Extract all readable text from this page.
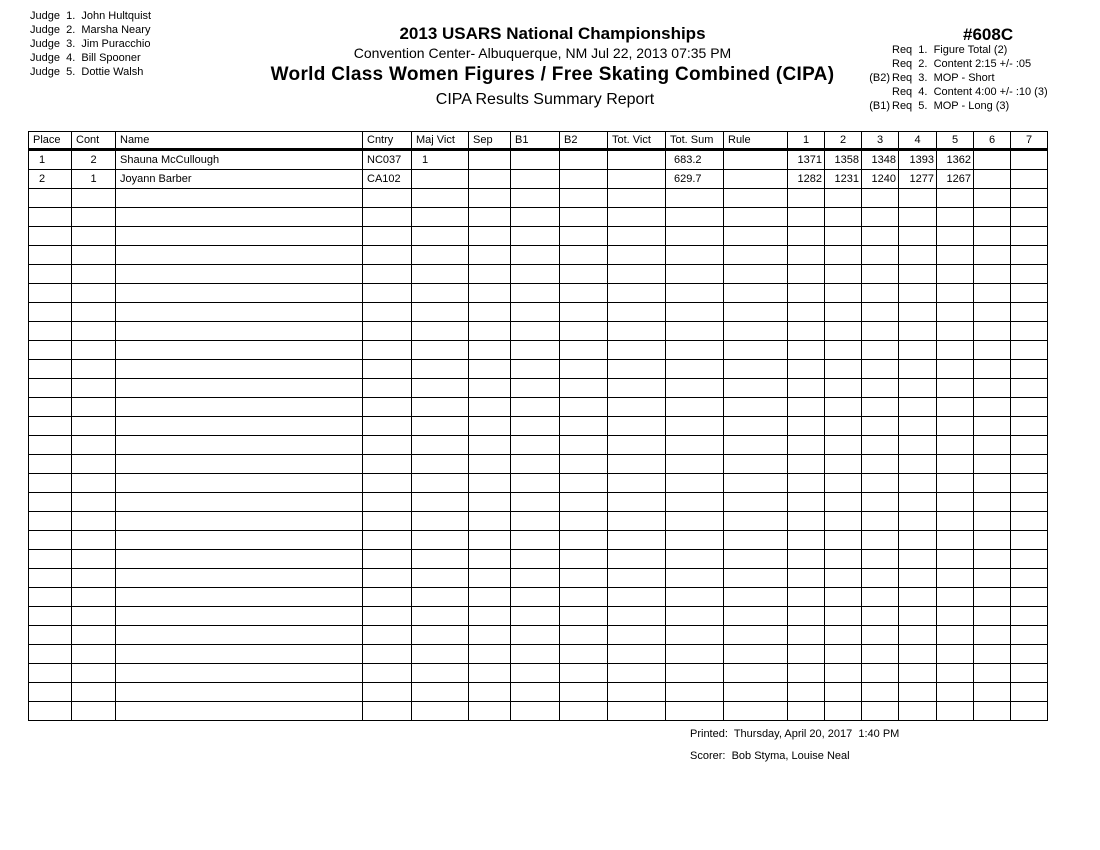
Judge  1.  John Hultquist
Judge  2.  Marsha Neary
Judge  3.  Jim Puracchio
Judge  4.  Bill Spooner
Judge  5.  Dottie Walsh
2013 USARS National Championships
Convention Center- Albuquerque, NM Jul 22, 2013 07:35 PM
World Class Women Figures / Free Skating Combined (CIPA)
CIPA Results Summary Report
#608C
Req  1.  Figure Total (2)
Req  2.  Content 2:15 +/- :05
(B2) Req  3.  MOP - Short
Req  4.  Content 4:00 +/- :10 (3)
(B1) Req  5.  MOP - Long (3)
Place	Cont	Name	Cntry	Maj Vict	Sep	B1	B2	Tot. Vict	Tot. Sum	Rule	1	2	3	4	5	6	7
1	2	Shauna McCullough	NC037	1					683.2		1371	1358	1348	1393	1362		
2	1	Joyann Barber	CA102						629.7		1282	1231	1240	1277	1267		

Printed:  Thursday, April 20, 2017  1:40 PM
Scorer:  Bob Styma, Louise Neal
